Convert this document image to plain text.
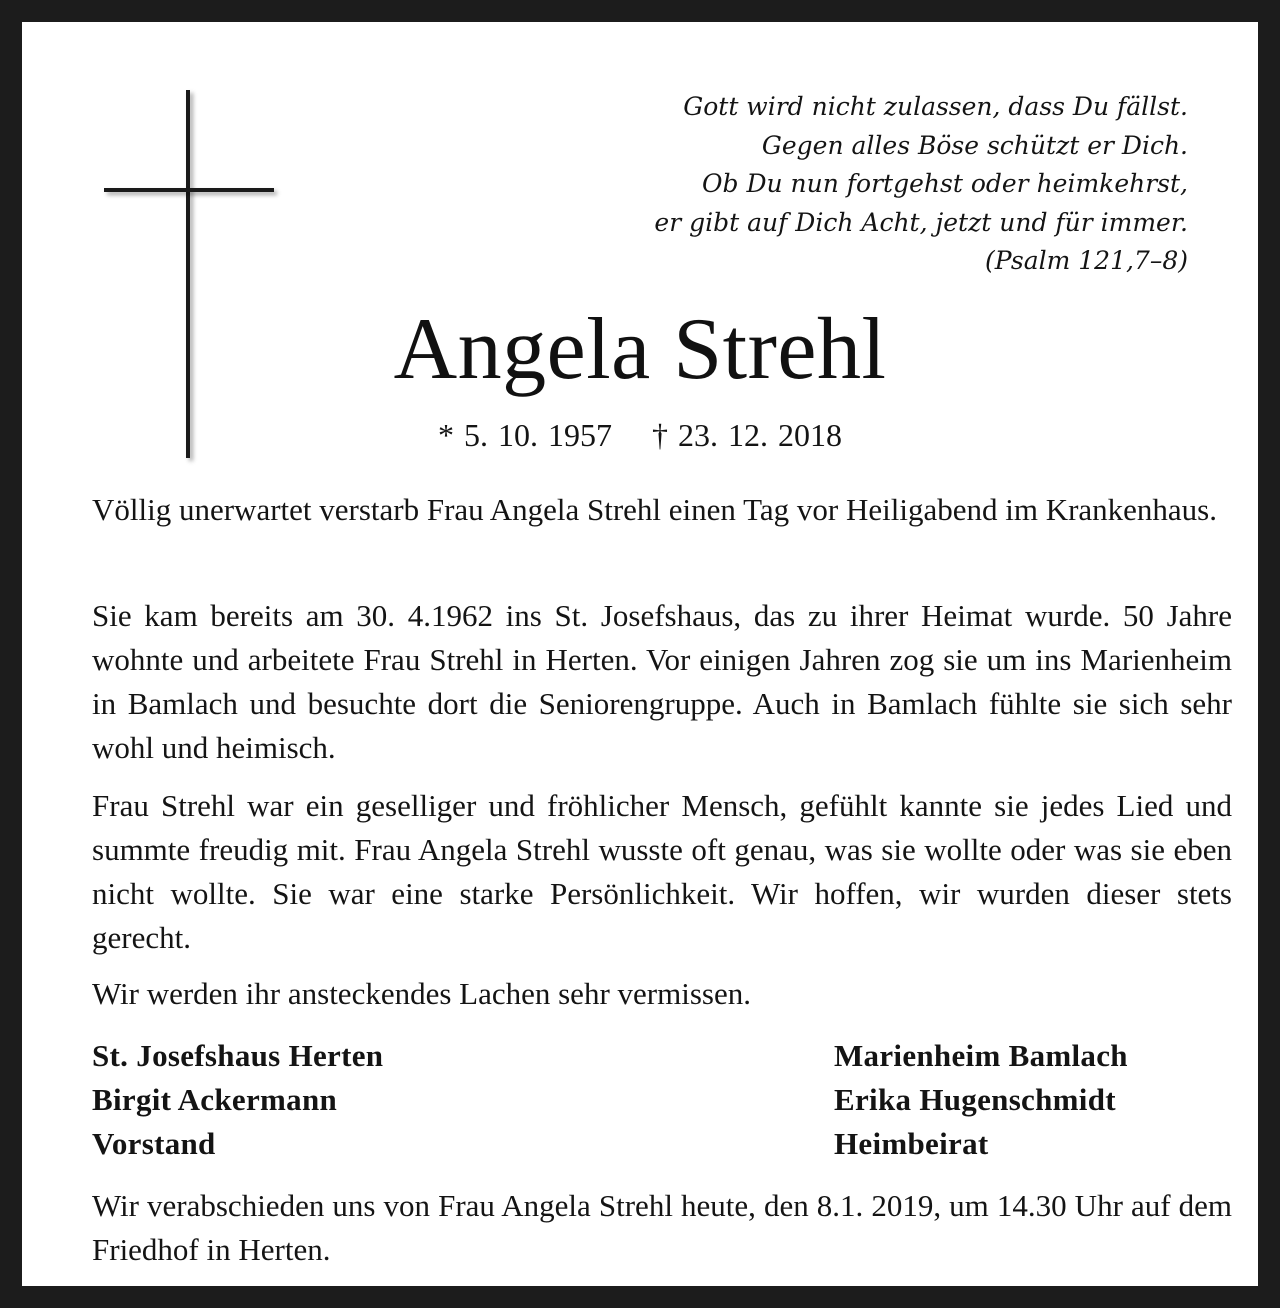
Gott wird nicht zulassen, dass Du fällst.
Gegen alles Böse schützt er Dich.
Ob Du nun fortgehst oder heimkehrst,
er gibt auf Dich Acht, jetzt und für immer.
(Psalm 121,7–8)
Angela Strehl
* 5. 10. 1957 † 23. 12. 2018

Völlig unerwartet verstarb Frau Angela Strehl einen Tag vor Heiligabend im Krankenhaus.

Sie kam bereits am 30. 4.1962 ins St. Josefshaus, das zu ihrer Heimat wurde. 50 Jahre wohnte und arbeitete Frau Strehl in Herten. Vor einigen Jahren zog sie um ins Marienheim in Bamlach und besuchte dort die Seniorengruppe. Auch in Bamlach fühlte sie sich sehr wohl und heimisch.

Frau Strehl war ein geselliger und fröhlicher Mensch, gefühlt kannte sie jedes Lied und summte freudig mit. Frau Angela Strehl wusste oft genau, was sie wollte oder was sie eben nicht wollte. Sie war eine starke Persönlichkeit. Wir hoffen, wir wurden dieser stets gerecht.

Wir werden ihr ansteckendes Lachen sehr vermissen.

St. Josefshaus Herten
Birgit Ackermann
Vorstand
Marienheim Bamlach
Erika Hugenschmidt
Heimbeirat

Wir verabschieden uns von Frau Angela Strehl heute, den 8.1. 2019, um 14.30 Uhr auf dem Friedhof in Herten.
